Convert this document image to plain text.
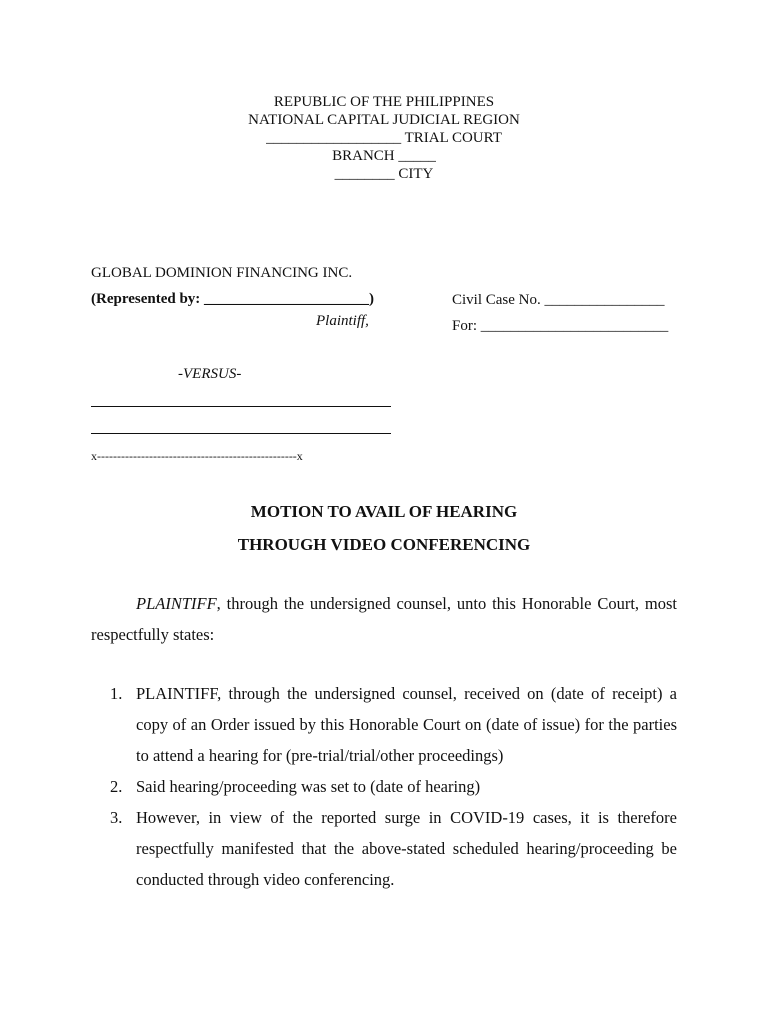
REPUBLIC OF THE PHILIPPINES
NATIONAL CAPITAL JUDICIAL REGION
__________________ TRIAL COURT
BRANCH _____
________ CITY
GLOBAL DOMINION FINANCING INC.
(Represented by: ______________________)
Plaintiff,
Civil Case No. ________________
For: _________________________
-VERSUS-
x--------------------------------------------------x
MOTION TO AVAIL OF HEARING
THROUGH VIDEO CONFERENCING
PLAINTIFF, through the undersigned counsel, unto this Honorable Court, most respectfully states:
1. PLAINTIFF, through the undersigned counsel, received on (date of receipt) a copy of an Order issued by this Honorable Court on (date of issue) for the parties to attend a hearing for (pre-trial/trial/other proceedings)
2. Said hearing/proceeding was set to (date of hearing)
3. However, in view of the reported surge in COVID-19 cases, it is therefore respectfully manifested that the above-stated scheduled hearing/proceeding be conducted through video conferencing.
